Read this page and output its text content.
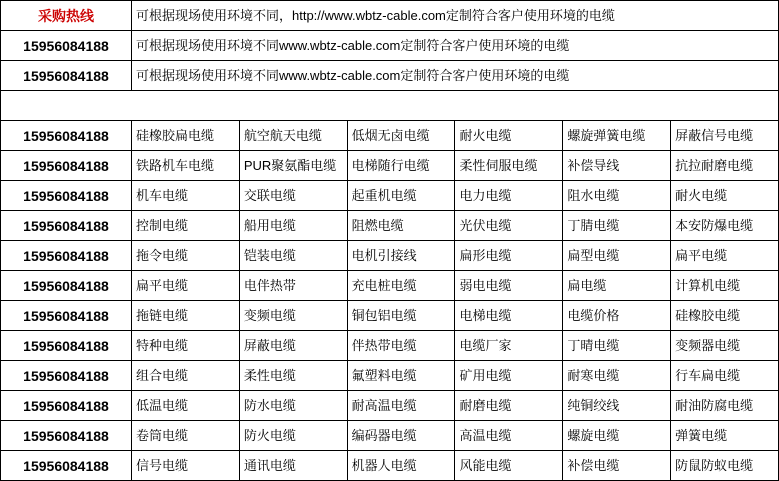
采购热线	可根据现场使用环境不同，http://www.wbtz-cable.com定制符合客户使用环境的电缆					
15956084188	可根据现场使用环境不同www.wbtz-cable.com定制符合客户使用环境的电缆					
15956084188	可根据现场使用环境不同www.wbtz-cable.com定制符合客户使用环境的电缆					

15956084188	硅橡胶扁电缆	航空航天电缆	低烟无卤电缆	耐火电缆	螺旋弹簧电缆	屏蔽信号电缆
15956084188	铁路机车电缆	PUR聚氨酯电缆	电梯随行电缆	柔性伺服电缆	补偿导线	抗拉耐磨电缆
15956084188	机车电缆	交联电缆	起重机电缆	电力电缆	阻水电缆	耐火电缆
15956084188	控制电缆	船用电缆	阻燃电缆	光伏电缆	丁腈电缆	本安防爆电缆
15956084188	拖令电缆	铠装电缆	电机引接线	扁形电缆	扁型电缆	扁平电缆
15956084188	扁平电缆	电伴热带	充电桩电缆	弱电电缆	扁电缆	计算机电缆
15956084188	拖链电缆	变频电缆	铜包铝电缆	电梯电缆	电缆价格	硅橡胶电缆
15956084188	特种电缆	屏蔽电缆	伴热带电缆	电缆厂家	丁晴电缆	变频器电缆
15956084188	组合电缆	柔性电缆	氟塑料电缆	矿用电缆	耐寒电缆	行车扁电缆
15956084188	低温电缆	防水电缆	耐高温电缆	耐磨电缆	纯铜绞线	耐油防腐电缆
15956084188	卷筒电缆	防火电缆	编码器电缆	高温电缆	螺旋电缆	弹簧电缆
15956084188	信号电缆	通讯电缆	机器人电缆	风能电缆	补偿电缆	防鼠防蚁电缆
